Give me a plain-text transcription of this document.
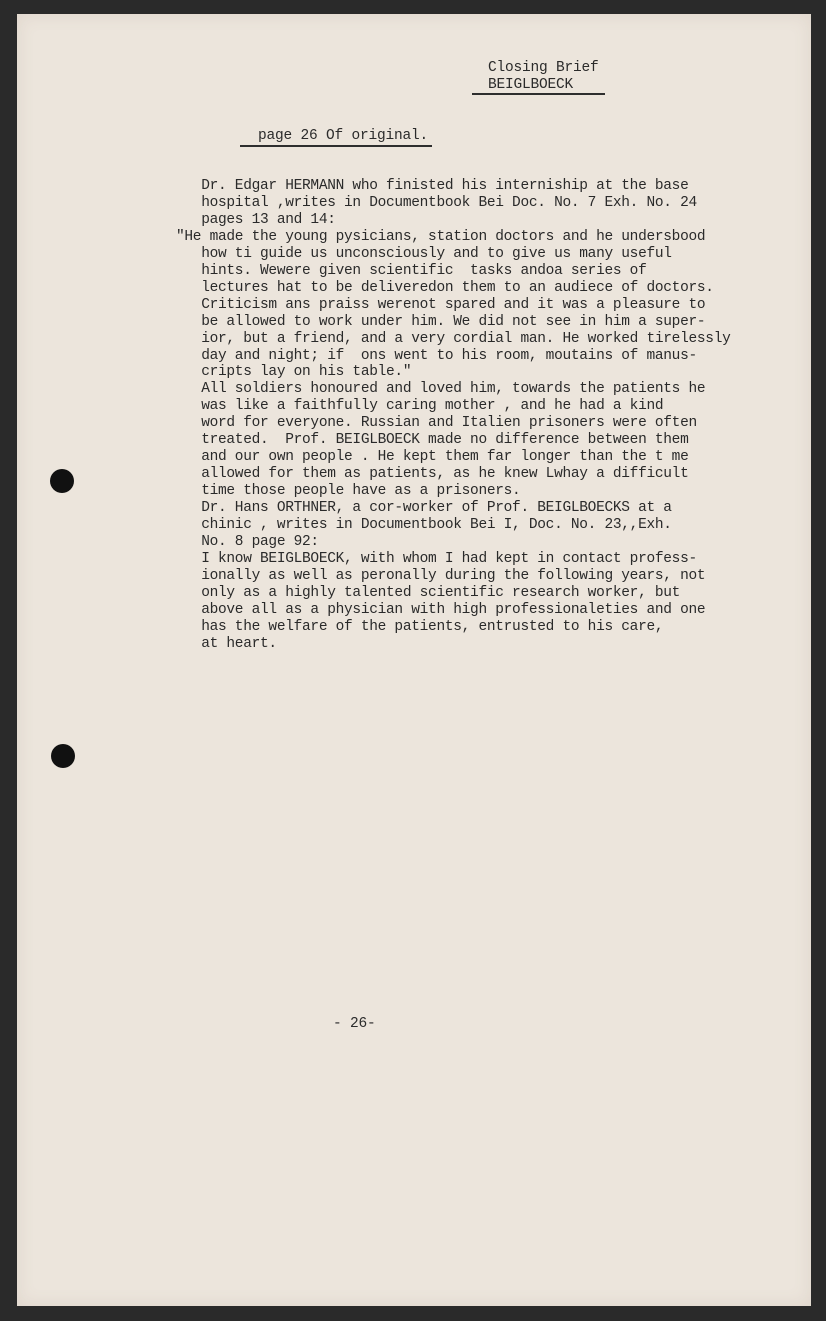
Closing Brief
BEIGLBOECK
page 26 Of original.
Dr. Edgar HERMANN who finisted his interniship at the base
hospital ,writes in Documentbook Bei Doc. No. 7 Exh. No. 24
pages 13 and 14:
"He made the young pysicians, station doctors and he undersbood
how ti guide us unconsciously and to give us many useful
hints. Wewere given scientific  tasks andoa series of
lectures hat to be deliveredon them to an audiece of doctors.
Criticism ans praiss werenot spared and it was a pleasure to
be allowed to work under him. We did not see in him a super-
ior, but a friend, and a very cordial man. He worked tirelessly
day and night; if  ons went to his room, moutains of manus-
cripts lay on his table."
All soldiers honoured and loved him, towards the patients he
was like a faithfully caring mother , and he had a kind
word for everyone. Russian and Italien prisoners were often
treated.  Prof. BEIGLBOECK made no difference between them
and our own people . He kept them far longer than the t me
allowed for them as patients, as he knew Lwhay a difficult
time those people have as a prisoners.
Dr. Hans ORTHNER, a cor-worker of Prof. BEIGLBOECKS at a
chinic , writes in Documentbook Bei I, Doc. No. 23,,Exh.
No. 8 page 92:
I know BEIGLBOECK, with whom I had kept in contact profess-
ionally as well as peronally during the following years, not
only as a highly talented scientific research worker, but
above all as a physician with high professionaleties and one
has the welfare of the patients, entrusted to his care,
at heart.
- 26-
